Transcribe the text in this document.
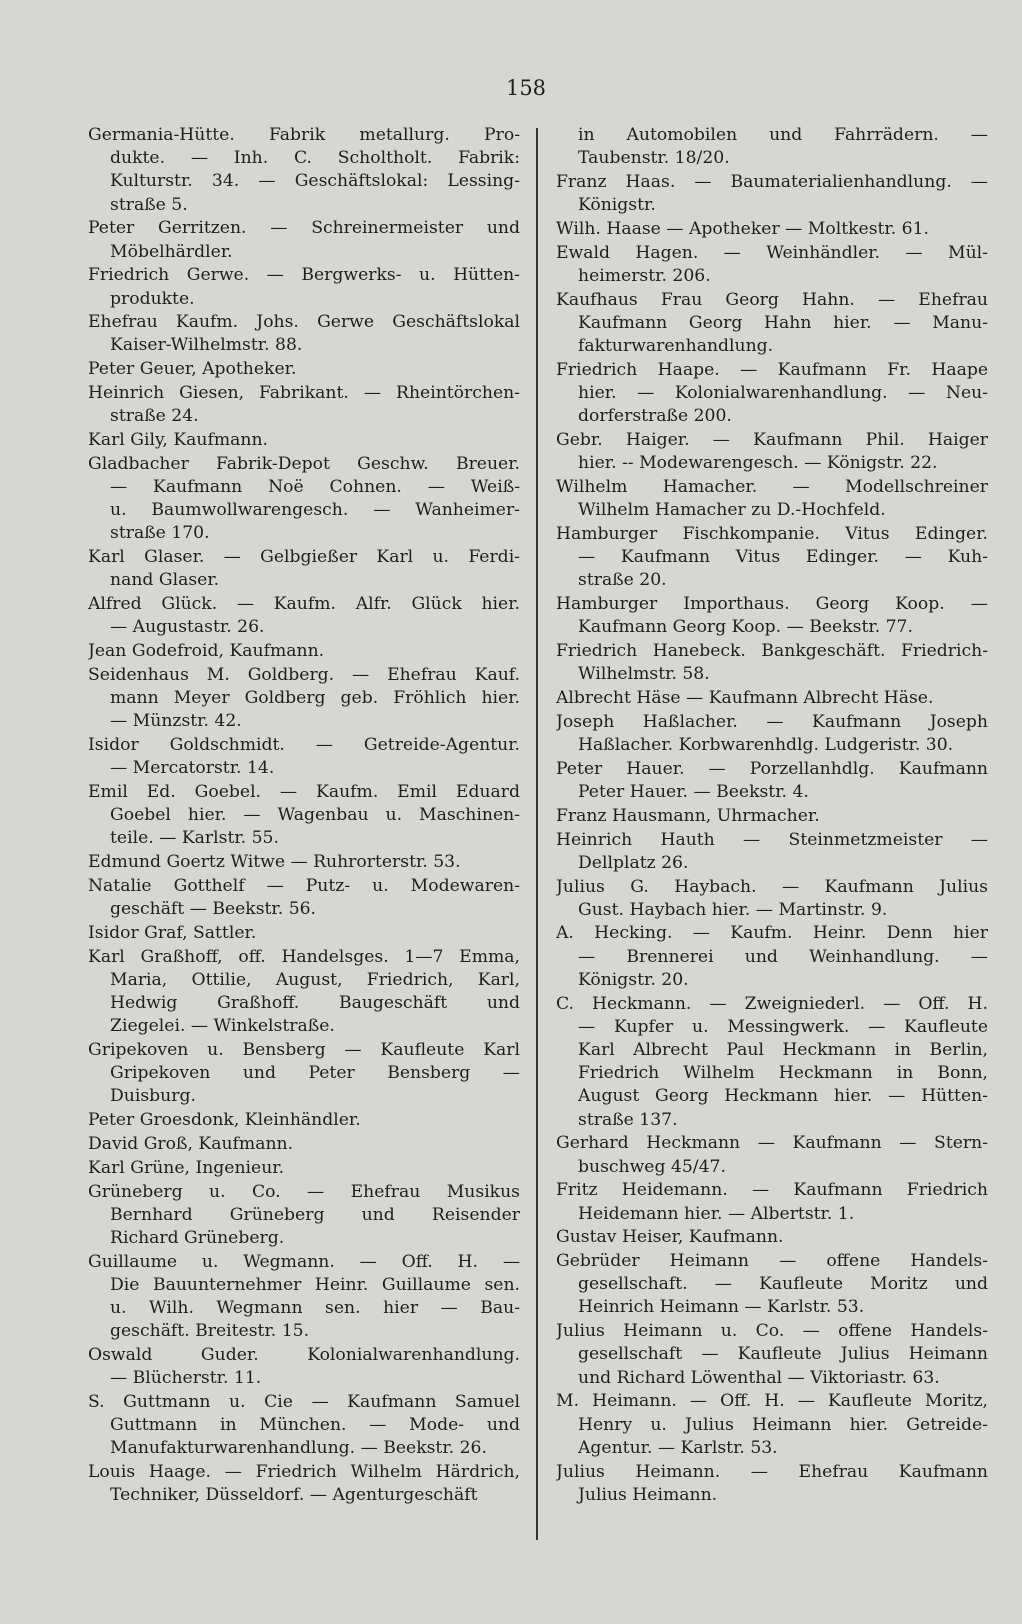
158
Germania-Hütte. Fabrik metallurg. Pro-
dukte. — Inh. C. Scholtholt. Fabrik:
Kulturstr. 34. — Geschäftslokal: Lessing-
straße 5.
Peter Gerritzen. — Schreinermeister und
Möbelhärdler.
Friedrich Gerwe. — Bergwerks- u. Hütten-
produkte.
Ehefrau Kaufm. Johs. Gerwe Geschäftslokal
Kaiser-Wilhelmstr. 88.
Peter Geuer, Apotheker.
Heinrich Giesen, Fabrikant. — Rheintörchen-
straße 24.
Karl Gily, Kaufmann.
Gladbacher Fabrik-Depot Geschw. Breuer.
— Kaufmann Noë Cohnen. — Weiß-
u. Baumwollwarengesch. — Wanheimer-
straße 170.
Karl Glaser. — Gelbgießer Karl u. Ferdi-
nand Glaser.
Alfred Glück. — Kaufm. Alfr. Glück hier.
— Augustastr. 26.
Jean Godefroid, Kaufmann.
Seidenhaus M. Goldberg. — Ehefrau Kauf.
mann Meyer Goldberg geb. Fröhlich hier.
— Münzstr. 42.
Isidor Goldschmidt. — Getreide-Agentur.
— Mercatorstr. 14.
Emil Ed. Goebel. — Kaufm. Emil Eduard
Goebel hier. — Wagenbau u. Maschinen-
teile. — Karlstr. 55.
Edmund Goertz Witwe — Ruhrorterstr. 53.
Natalie Gotthelf — Putz- u. Modewaren-
geschäft — Beekstr. 56.
Isidor Graf, Sattler.
Karl Graßhoff, off. Handelsges. 1—7 Emma,
Maria, Ottilie, August, Friedrich, Karl,
Hedwig Graßhoff. Baugeschäft und
Ziegelei. — Winkelstraße.
Gripekoven u. Bensberg — Kaufleute Karl
Gripekoven und Peter Bensberg —
Duisburg.
Peter Groesdonk, Kleinhändler.
David Groß, Kaufmann.
Karl Grüne, Ingenieur.
Grüneberg u. Co. — Ehefrau Musikus
Bernhard Grüneberg und Reisender
Richard Grüneberg.
Guillaume u. Wegmann. — Off. H. —
Die Bauunternehmer Heinr. Guillaume sen.
u. Wilh. Wegmann sen. hier — Bau-
geschäft. Breitestr. 15.
Oswald Guder. Kolonialwarenhandlung.
— Blücherstr. 11.
S. Guttmann u. Cie — Kaufmann Samuel
Guttmann in München. — Mode- und
Manufakturwarenhandlung. — Beekstr. 26.
Louis Haage. — Friedrich Wilhelm Härdrich,
Techniker, Düsseldorf. — Agenturgeschäft
in Automobilen und Fahrrädern. —
Taubenstr. 18/20.
Franz Haas. — Baumaterialienhandlung. —
Königstr.
Wilh. Haase — Apotheker — Moltkestr. 61.
Ewald Hagen. — Weinhändler. — Mül-
heimerstr. 206.
Kaufhaus Frau Georg Hahn. — Ehefrau
Kaufmann Georg Hahn hier. — Manu-
fakturwarenhandlung.
Friedrich Haape. — Kaufmann Fr. Haape
hier. — Kolonialwarenhandlung. — Neu-
dorferstraße 200.
Gebr. Haiger. — Kaufmann Phil. Haiger
hier. -- Modewarengesch. — Königstr. 22.
Wilhelm Hamacher. — Modellschreiner
Wilhelm Hamacher zu D.-Hochfeld.
Hamburger Fischkompanie. Vitus Edinger.
— Kaufmann Vitus Edinger. — Kuh-
straße 20.
Hamburger Importhaus. Georg Koop. —
Kaufmann Georg Koop. — Beekstr. 77.
Friedrich Hanebeck. Bankgeschäft. Friedrich-
Wilhelmstr. 58.
Albrecht Häse — Kaufmann Albrecht Häse.
Joseph Haßlacher. — Kaufmann Joseph
Haßlacher. Korbwarenhdlg. Ludgeristr. 30.
Peter Hauer. — Porzellanhdlg. Kaufmann
Peter Hauer. — Beekstr. 4.
Franz Hausmann, Uhrmacher.
Heinrich Hauth — Steinmetzmeister —
Dellplatz 26.
Julius G. Haybach. — Kaufmann Julius
Gust. Haybach hier. — Martinstr. 9.
A. Hecking. — Kaufm. Heinr. Denn hier
— Brennerei und Weinhandlung. —
Königstr. 20.
C. Heckmann. — Zweigniederl. — Off. H.
— Kupfer u. Messingwerk. — Kaufleute
Karl Albrecht Paul Heckmann in Berlin,
Friedrich Wilhelm Heckmann in Bonn,
August Georg Heckmann hier. — Hütten-
straße 137.
Gerhard Heckmann — Kaufmann — Stern-
buschweg 45/47.
Fritz Heidemann. — Kaufmann Friedrich
Heidemann hier. — Albertstr. 1.
Gustav Heiser, Kaufmann.
Gebrüder Heimann — offene Handels-
gesellschaft. — Kaufleute Moritz und
Heinrich Heimann — Karlstr. 53.
Julius Heimann u. Co. — offene Handels-
gesellschaft — Kaufleute Julius Heimann
und Richard Löwenthal — Viktoriastr. 63.
M. Heimann. — Off. H. — Kaufleute Moritz,
Henry u. Julius Heimann hier. Getreide-
Agentur. — Karlstr. 53.
Julius Heimann. — Ehefrau Kaufmann
Julius Heimann.
